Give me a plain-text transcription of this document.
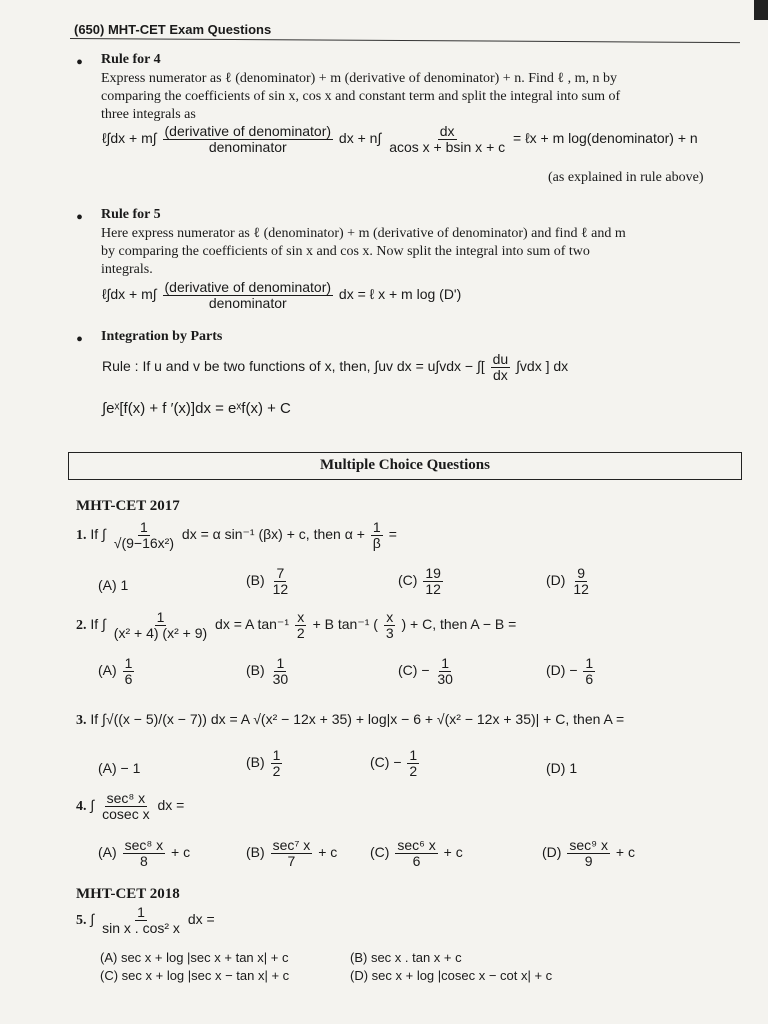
(650) MHT-CET Exam Questions
• Rule for 4
Express numerator as ℓ (denominator) + m (derivative of denominator) + n. Find ℓ , m, n by
comparing the coefficients of sin x, cos x and constant term and split the integral into sum of
three integrals as
ℓ∫dx + $m\int \frac{\text{(derivative of denominator)}}{\text{denominator}}$ dx + $n\int \frac{dx}{\text{acos x + bsin x + c}}$ = ℓx + m log(denominator) + n
(as explained in rule above)
• Rule for 5
Here express numerator as ℓ (denominator) + m (derivative of denominator) and find ℓ and m
by comparing the coefficients of sin x and cos x. Now split the integral into sum of two
integrals.
ℓ∫dx + $m\int \frac{\text{(derivative of denominator)}}{\text{denominator}}$ dx = ℓ x + m log (D')
• Integration by Parts
Rule : If u and v be two functions of x, then, ∫uv dx = u∫vdx − ∫[ $\frac{du}{dx} \int vdx$ ] dx
∫eˣ[f(x) + f ′(x)]dx = eˣf(x) + C
Multiple Choice Questions
MHT-CET 2017
1. If ∫ $\frac{1}{\text{√(9−16x²)}}$ dx = α sin⁻¹ (βx) + c, then $\alpha + \frac{1}{\beta}$ =
(A) 1	$(B) \frac{7}{12}$	$(C) \frac{19}{12}$	$(D) \frac{9}{12}$
2. If ∫ $\frac{1}{\text{(x² + 4) (x² + 9)}}$ dx = A $\tan^{-1} \frac{x}{2} + B$ tan⁻¹ ( $\frac{x}{3}$ ) + C, then A − B =
$(A) \frac{1}{6}$	$(B) \frac{1}{30}$	$(C) - \frac{1}{30}$	$(D) - \frac{1}{6}$
3. If ∫√((x − 5)/(x − 7)) dx = A √(x² − 12x + 35) + log|x − 6 + √(x² − 12x + 35)| + C, then A =
(A) − 1	$(B) \frac{1}{2}$	$(C) - \frac{1}{2}$	(D) 1
4. ∫ $\frac{\text{sec⁸ x}}{\text{cosec x}}$ dx =
$(A) \frac{\text{sec⁸ x}}{8} + c$	$(B) \frac{\text{sec⁷ x}}{7} + c$ $(C) \frac{\text{sec⁶ x}}{6} + c$	$(D) \frac{\text{sec⁹ x}}{9} + c$
MHT-CET 2018
5. ∫ $\frac{1}{\text{sin x . cos² x}}$ dx =
(A) sec x + log |sec x + tan x| + c	(B) sec x . tan x + c
(C) sec x + log |sec x − tan x| + c	(D) sec x + log |cosec x − cot x| + c
